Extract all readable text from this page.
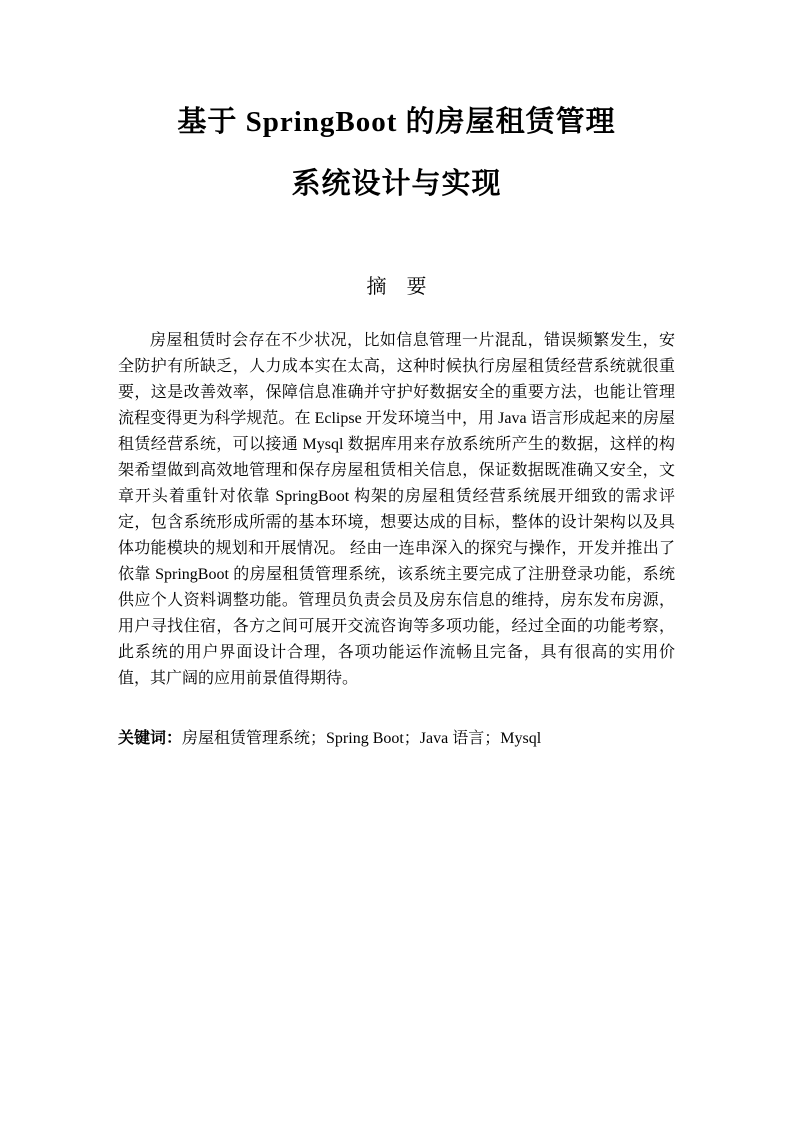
基于 SpringBoot 的房屋租赁管理
系统设计与实现
摘　要

房屋租赁时会存在不少状况，比如信息管理一片混乱，错误频繁发生，安全防护有所缺乏，人力成本实在太高，这种时候执行房屋租赁经营系统就很重要，这是改善效率，保障信息准确并守护好数据安全的重要方法，也能让管理流程变得更为科学规范。在 Eclipse 开发环境当中，用 Java 语言形成起来的房屋租赁经营系统，可以接通 Mysql 数据库用来存放系统所产生的数据，这样的构架希望做到高效地管理和保存房屋租赁相关信息，保证数据既准确又安全，文章开头着重针对依靠 SpringBoot 构架的房屋租赁经营系统展开细致的需求评定，包含系统形成所需的基本环境，想要达成的目标，整体的设计架构以及具体功能模块的规划和开展情况。 经由一连串深入的探究与操作，开发并推出了依靠 SpringBoot 的房屋租赁管理系统，该系统主要完成了注册登录功能，系统供应个人资料调整功能。管理员负责会员及房东信息的维持，房东发布房源，用户寻找住宿，各方之间可展开交流咨询等多项功能，经过全面的功能考察，此系统的用户界面设计合理，各项功能运作流畅且完备，具有很高的实用价值，其广阔的应用前景值得期待。

关键词：房屋租赁管理系统；Spring Boot；Java 语言；Mysql
